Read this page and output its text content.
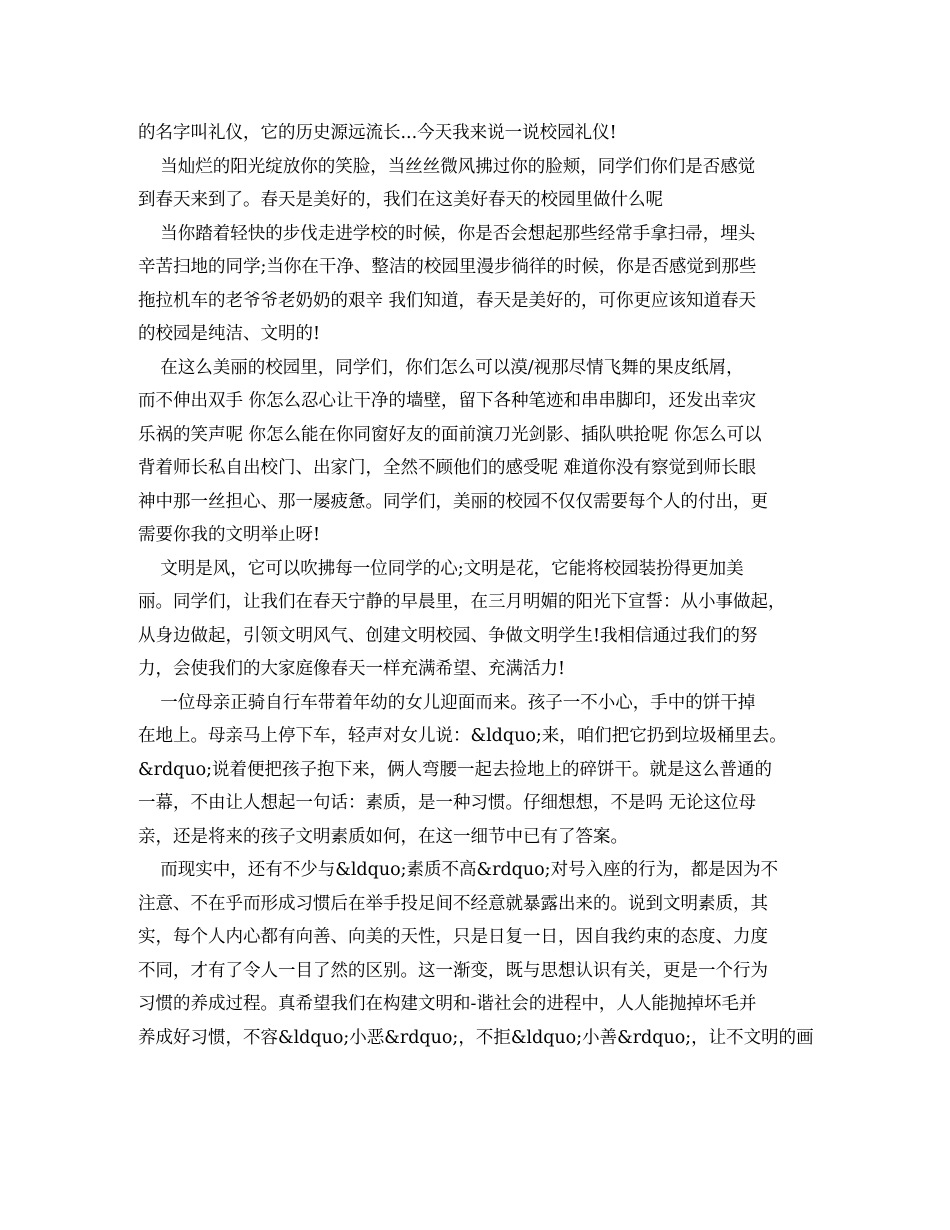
的名字叫礼仪，它的历史源远流长...今天我来说一说校园礼仪!
当灿烂的阳光绽放你的笑脸，当丝丝微风拂过你的脸颊，同学们你们是否感觉
到春天来到了。春天是美好的，我们在这美好春天的校园里做什么呢
当你踏着轻快的步伐走进学校的时候，你是否会想起那些经常手拿扫帚，埋头
辛苦扫地的同学;当你在干净、整洁的校园里漫步徜徉的时候，你是否感觉到那些
拖拉机车的老爷爷老奶奶的艰辛 我们知道，春天是美好的，可你更应该知道春天
的校园是纯洁、文明的!
在这么美丽的校园里，同学们，你们怎么可以漠/视那尽情飞舞的果皮纸屑，
而不伸出双手 你怎么忍心让干净的墙壁，留下各种笔迹和串串脚印，还发出幸灾
乐祸的笑声呢 你怎么能在你同窗好友的面前演刀光剑影、插队哄抢呢 你怎么可以
背着师长私自出校门、出家门，全然不顾他们的感受呢 难道你没有察觉到师长眼
神中那一丝担心、那一屡疲惫。同学们，美丽的校园不仅仅需要每个人的付出，更
需要你我的文明举止呀!
文明是风，它可以吹拂每一位同学的心;文明是花，它能将校园装扮得更加美
丽。同学们，让我们在春天宁静的早晨里，在三月明媚的阳光下宣誓：从小事做起，
从身边做起，引领文明风气、创建文明校园、争做文明学生!我相信通过我们的努
力，会使我们的大家庭像春天一样充满希望、充满活力!
一位母亲正骑自行车带着年幼的女儿迎面而来。孩子一不小心，手中的饼干掉
在地上。母亲马上停下车，轻声对女儿说：&ldquo;来，咱们把它扔到垃圾桶里去。
&rdquo;说着便把孩子抱下来，俩人弯腰一起去捡地上的碎饼干。就是这么普通的
一幕，不由让人想起一句话：素质，是一种习惯。仔细想想，不是吗 无论这位母
亲，还是将来的孩子文明素质如何，在这一细节中已有了答案。
而现实中，还有不少与&ldquo;素质不高&rdquo;对号入座的行为，都是因为不
注意、不在乎而形成习惯后在举手投足间不经意就暴露出来的。说到文明素质，其
实，每个人内心都有向善、向美的天性，只是日复一日，因自我约束的态度、力度
不同，才有了令人一目了然的区别。这一渐变，既与思想认识有关，更是一个行为
习惯的养成过程。真希望我们在构建文明和-谐社会的进程中，人人能抛掉坏毛并
养成好习惯，不容&ldquo;小恶&rdquo;，不拒&ldquo;小善&rdquo;，让不文明的画
